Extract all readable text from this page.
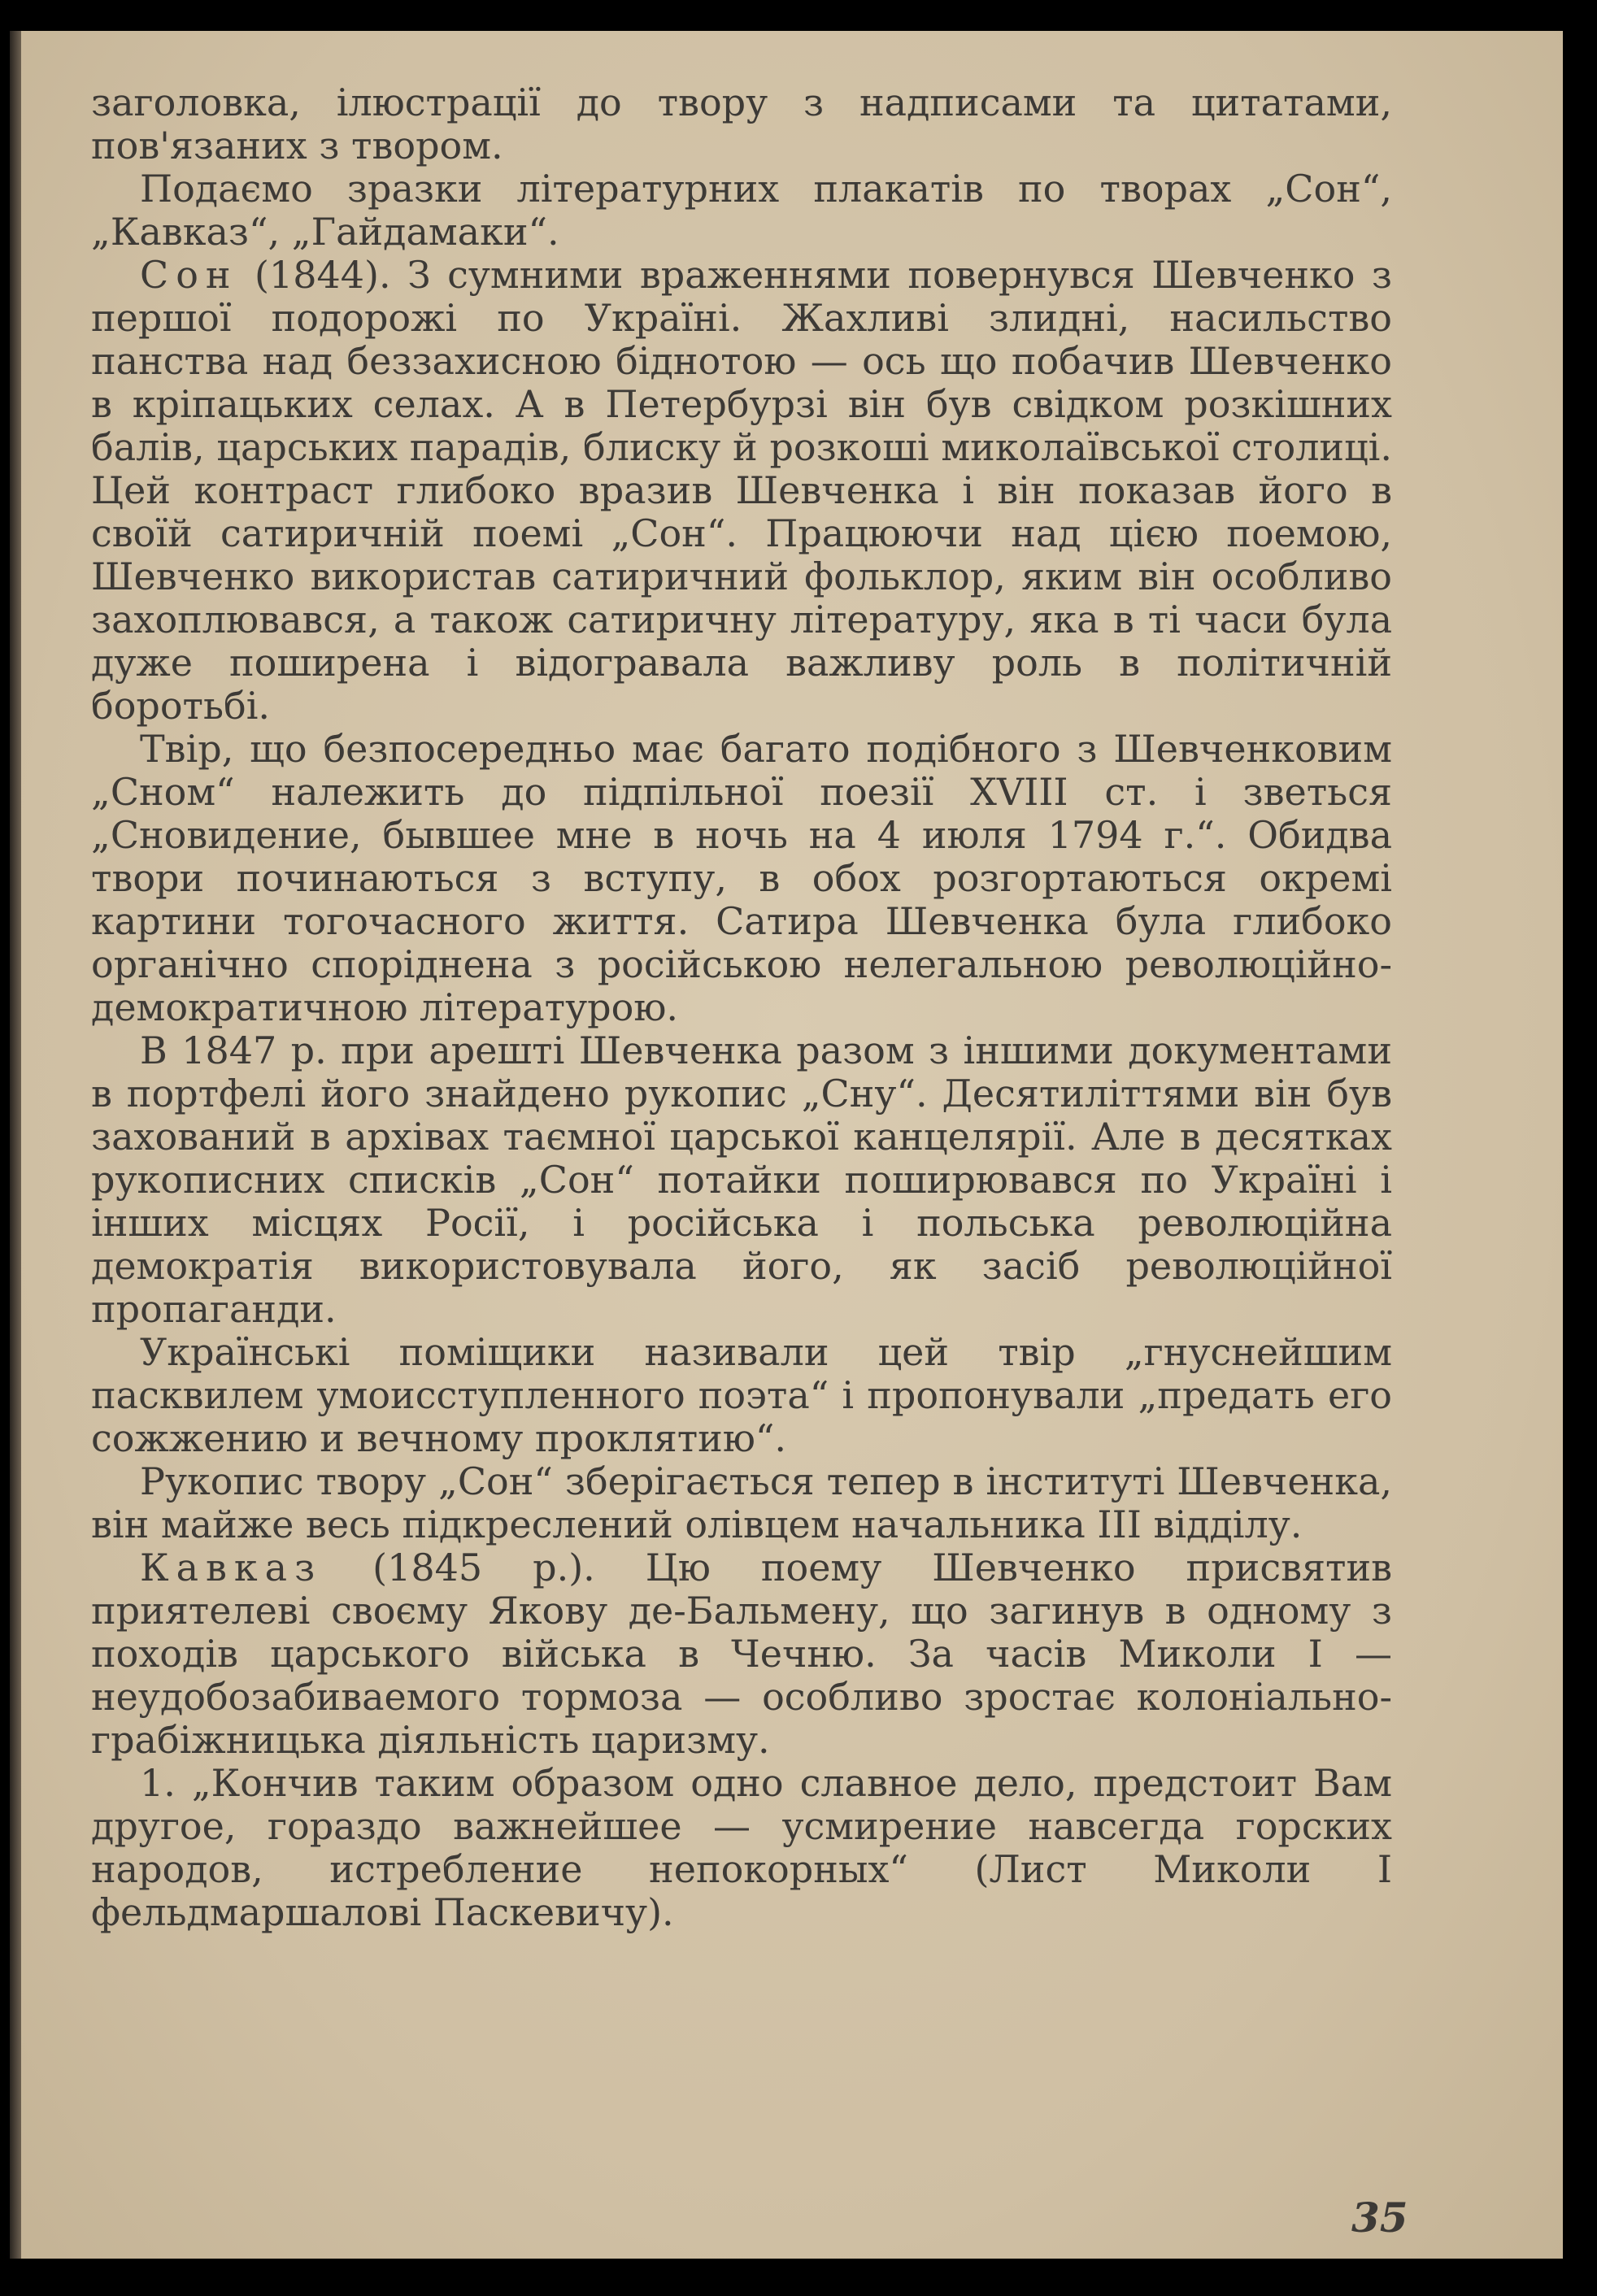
заголовка, ілюстрації до твору з надписами та цитатами, пов'язаних з твором.

Подаємо зразки літературних плакатів по творах „Сон“, „Кавказ“, „Гайдамаки“.

Сон (1844). З сумними враженнями повернувся Шевченко з першої подорожі по Україні. Жахливі злидні, насильство панства над беззахисною біднотою — ось що побачив Шевченко в кріпацьких селах. А в Петербурзі він був свідком розкішних балів, царських парадів, блиску й розкоші миколаївської столиці. Цей контраст глибоко вразив Шевченка і він показав його в своїй сатиричній поемі „Сон“. Працюючи над цією поемою, Шевченко використав сатиричний фольклор, яким він особливо захоплювався, а також сатиричну літературу, яка в ті часи була дуже поширена і відогравала важливу роль в політичній боротьбі.

Твір, що безпосередньо має багато подібного з Шевченковим „Сном“ належить до підпільної поезії XVIII ст. і зветься „Сновидение, бывшее мне в ночь на 4 июля 1794 г.“. Обидва твори починаються з вступу, в обох розгортаються окремі картини тогочасного життя. Сатира Шевченка була глибоко органічно споріднена з російською нелегальною революційно-демократичною літературою.

В 1847 р. при арешті Шевченка разом з іншими документами в портфелі його знайдено рукопис „Сну“. Десятиліттями він був захований в архівах таємної царської канцелярії. Але в десятках рукописних списків „Сон“ потайки поширювався по Україні і інших місцях Росії, і російська і польська революційна демократія використовувала його, як засіб революційної пропаганди.

Українські поміщики називали цей твір „гнуснейшим пасквилем умоисступленного поэта“ і пропонували „предать его сожжению и вечному проклятию“.

Рукопис твору „Сон“ зберігається тепер в інституті Шевченка, він майже весь підкреслений олівцем начальника III відділу.

Кавказ (1845 р.). Цю поему Шевченко присвятив приятелеві своєму Якову де-Бальмену, що загинув в одному з походів царського війська в Чечню. За часів Миколи I — неудобозабиваемого тормоза — особливо зростає колоніально-грабіжницька діяльність царизму.

1. „Кончив таким образом одно славное дело, предстоит Вам другое, гораздо важнейшее — усмирение навсегда горских народов, истребление непокорных“ (Лист Миколи I фельдмаршалові Паскевичу).

35
